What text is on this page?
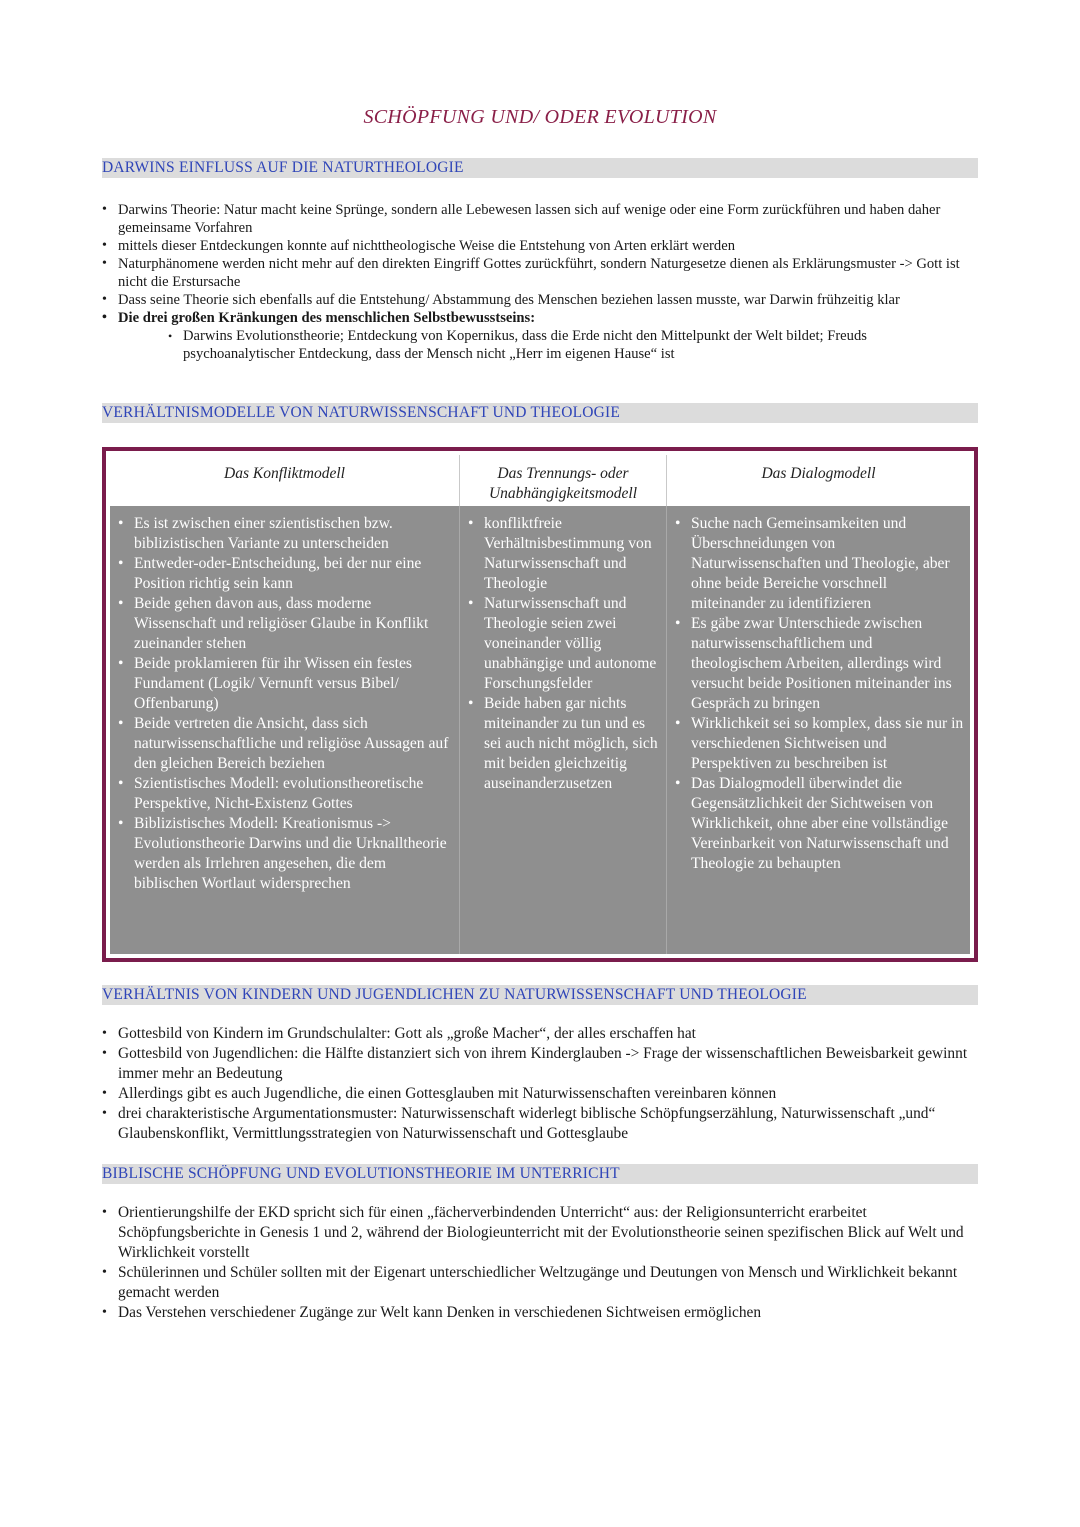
SCHÖPFUNG UND/ ODER EVOLUTION
DARWINS EINFLUSS AUF DIE NATURTHEOLOGIE
• Darwins Theorie: Natur macht keine Sprünge, sondern alle Lebewesen lassen sich auf wenige oder eine Form zurückführen und haben daher gemeinsame Vorfahren
• mittels dieser Entdeckungen konnte auf nichttheologische Weise die Entstehung von Arten erklärt werden
• Naturphänomene werden nicht mehr auf den direkten Eingriff Gottes zurückführt, sondern Naturgesetze dienen als Erklärungsmuster -> Gott ist nicht die Erstursache
• Dass seine Theorie sich ebenfalls auf die Entstehung/ Abstammung des Menschen beziehen lassen musste, war Darwin frühzeitig klar
• Die drei großen Kränkungen des menschlichen Selbstbewusstseins:
• Darwins Evolutionstheorie; Entdeckung von Kopernikus, dass die Erde nicht den Mittelpunkt der Welt bildet; Freuds psychoanalytischer Entdeckung, dass der Mensch nicht „Herr im eigenen Hause“ ist
VERHÄLTNISMODELLE VON NATURWISSENSCHAFT UND THEOLOGIE
Das Konfliktmodell	Das Trennungs- oder Unabhängigkeitsmodell
Das Dialogmodell
• Es ist zwischen einer szientistischen bzw. biblizistischen Variante zu unterscheiden
• Entweder-oder-Entscheidung, bei der nur eine Position richtig sein kann
• Beide gehen davon aus, dass moderne Wissenschaft und religiöser Glaube in Konflikt zueinander stehen
• Beide proklamieren für ihr Wissen ein festes Fundament (Logik/ Vernunft versus Bibel/ Offenbarung)
• Beide vertreten die Ansicht, dass sich naturwissenschaftliche und religiöse Aussagen auf den gleichen Bereich beziehen
• Szientistisches Modell: evolutionstheoretische Perspektive, Nicht-Existenz Gottes
• Biblizistisches Modell: Kreationismus -> Evolutionstheorie Darwins und die Urknalltheorie werden als Irrlehren angesehen, die dem biblischen Wortlaut widersprechen
• konfliktfreie Verhältnisbestimmung von Naturwissenschaft und Theologie
• Naturwissenschaft und Theologie seien zwei voneinander völlig unabhängige und autonome Forschungsfelder
• Beide haben gar nichts miteinander zu tun und es sei auch nicht möglich, sich mit beiden gleichzeitig auseinanderzusetzen
• Suche nach Gemeinsamkeiten und Überschneidungen von Naturwissenschaften und Theologie, aber ohne beide Bereiche vorschnell miteinander zu identifizieren
• Es gäbe zwar Unterschiede zwischen naturwissenschaftlichem und theologischem Arbeiten, allerdings wird versucht beide Positionen miteinander ins Gespräch zu bringen
• Wirklichkeit sei so komplex, dass sie nur in verschiedenen Sichtweisen und Perspektiven zu beschreiben ist
• Das Dialogmodell überwindet die Gegensätzlichkeit der Sichtweisen von Wirklichkeit, ohne aber eine vollständige Vereinbarkeit von Naturwissenschaft und Theologie zu behaupten
VERHÄLTNIS VON KINDERN UND JUGENDLICHEN ZU NATURWISSENSCHAFT UND THEOLOGIE
• Gottesbild von Kindern im Grundschulalter: Gott als „große Macher“, der alles erschaffen hat
• Gottesbild von Jugendlichen: die Hälfte distanziert sich von ihrem Kinderglauben -> Frage der wissenschaftlichen Beweisbarkeit gewinnt immer mehr an Bedeutung
• Allerdings gibt es auch Jugendliche, die einen Gottesglauben mit Naturwissenschaften vereinbaren können
• drei charakteristische Argumentationsmuster: Naturwissenschaft widerlegt biblische Schöpfungserzählung, Naturwissenschaft „und“ Glaubenskonflikt, Vermittlungsstrategien von Naturwissenschaft und Gottesglaube
BIBLISCHE SCHÖPFUNG UND EVOLUTIONSTHEORIE IM UNTERRICHT
• Orientierungshilfe der EKD spricht sich für einen „fächerverbindenden Unterricht“ aus: der Religionsunterricht erarbeitet Schöpfungsberichte in Genesis 1 und 2, während der Biologieunterricht mit der Evolutionstheorie seinen spezifischen Blick auf Welt und Wirklichkeit vorstellt
• Schülerinnen und Schüler sollten mit der Eigenart unterschiedlicher Weltzugänge und Deutungen von Mensch und Wirklichkeit bekannt gemacht werden
• Das Verstehen verschiedener Zugänge zur Welt kann Denken in verschiedenen Sichtweisen ermöglichen
